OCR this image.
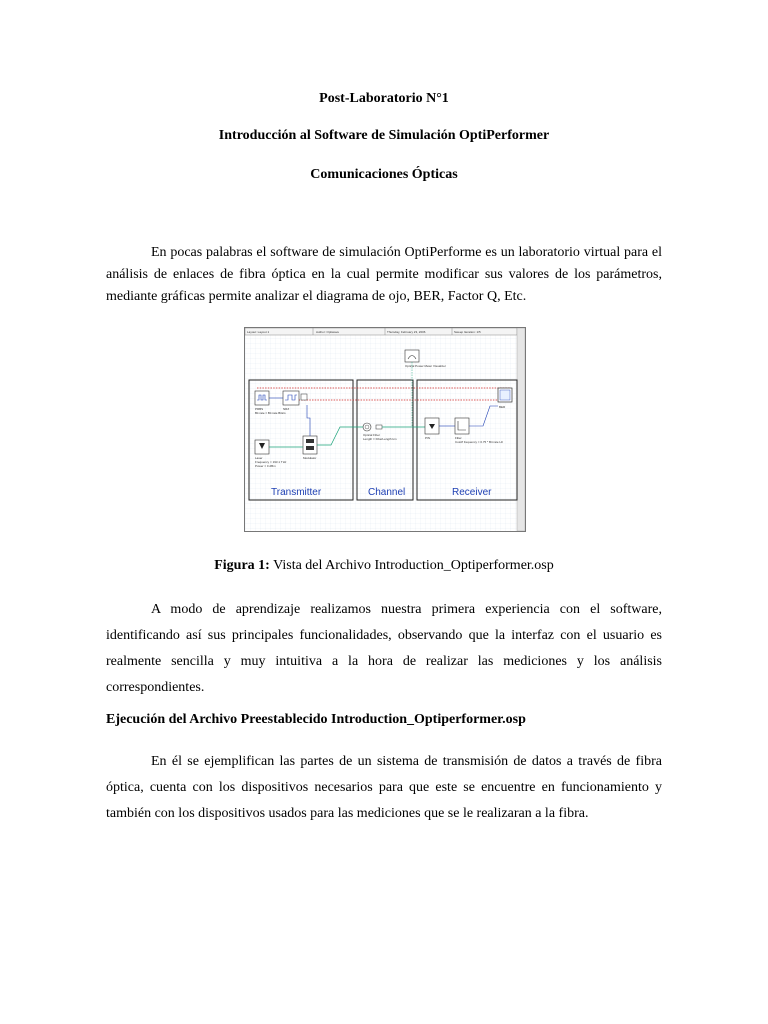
Post-Laboratorio N°1
Introducción al Software de Simulación OptiPerformer
Comunicaciones Ópticas
En pocas palabras el software de simulación OptiPerforme es un laboratorio virtual para el análisis de enlaces de fibra óptica en la cual permite modificar sus valores de los parámetros, mediante gráficas permite analizar el diagrama de ojo, BER, Factor Q, Etc.
Layout: Layout 1	Author: Optiwave	Thursday, February 23, 2006	Sweep Iteration: 1/5
PRBS
Bit rate = Bit rate Bits/s
NRZ
Laser
Frequency = 193.1 THz
Power = 0 dBm
Modulator
Optical Power Meter Visualizer
Optical Fiber
Length = FiberLength km	PIN	Filter
Cutoff frequency = 0.75 * Bit rate Hz
BER
Transmitter	Channel	Receiver
Figura 1: Vista del Archivo Introduction_Optiperformer.osp
A modo de aprendizaje realizamos nuestra primera experiencia con el software, identificando así sus principales funcionalidades, observando que la interfaz con el usuario es realmente sencilla y muy intuitiva a la hora de realizar las mediciones y los análisis correspondientes.
Ejecución del Archivo Preestablecido Introduction_Optiperformer.osp
En él se ejemplifican las partes de un sistema de transmisión de datos a través de fibra óptica, cuenta con los dispositivos necesarios para que este se encuentre en funcionamiento y también con los dispositivos usados para las mediciones que se le realizaran a la fibra.
